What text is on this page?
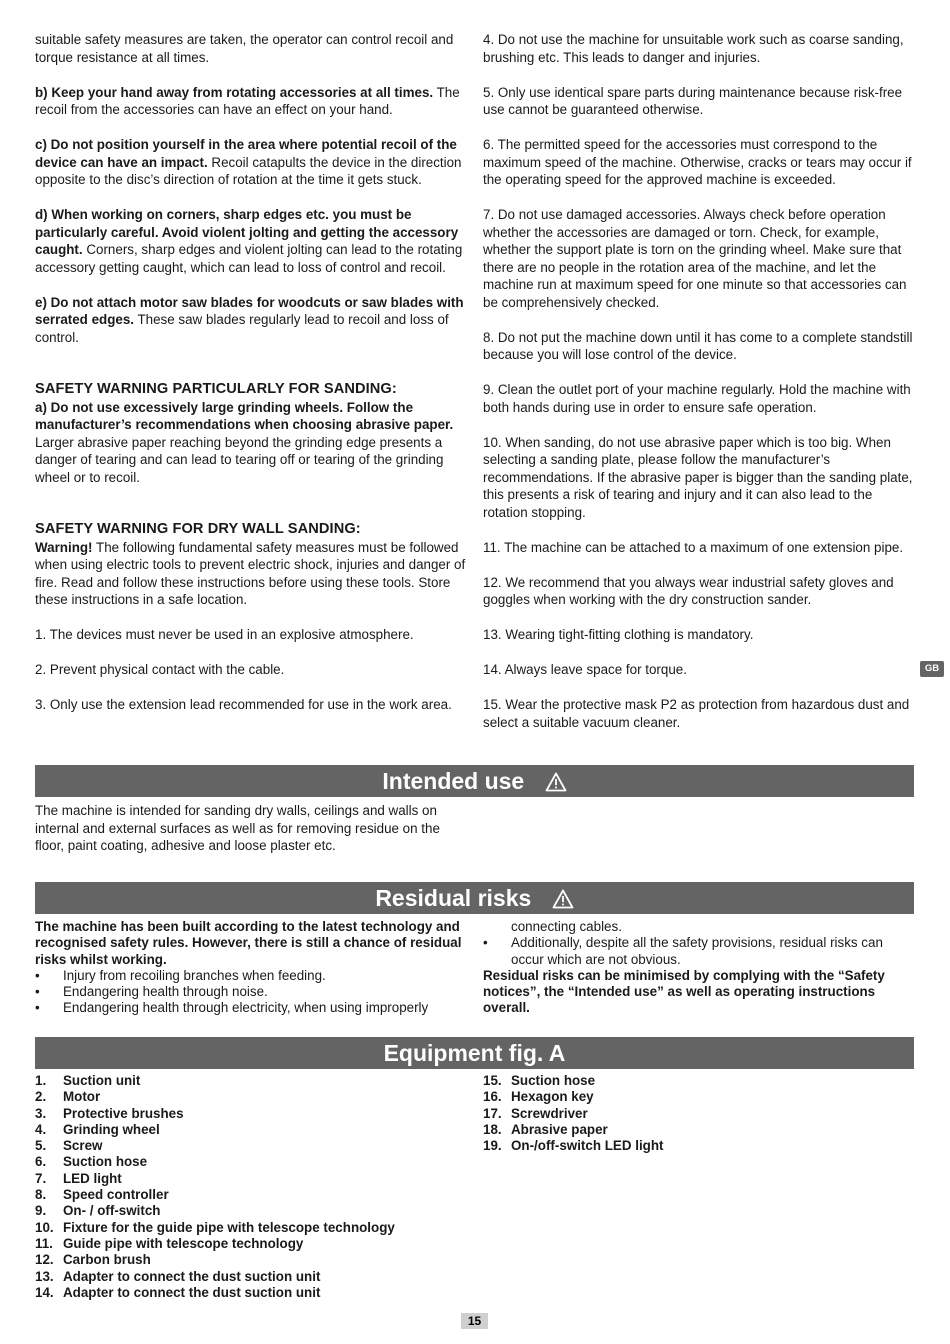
suitable safety measures are taken, the operator can control recoil and torque resistance at all times.

b) Keep your hand away from rotating accessories at all times. The recoil from the accessories can have an effect on your hand.

c) Do not position yourself in the area where potential recoil of the device can have an impact. Recoil catapults the device in the direction opposite to the disc’s direction of rotation at the time it gets stuck.

d) When working on corners, sharp edges etc. you must be particularly careful. Avoid violent jolting and getting the accessory caught. Corners, sharp edges and violent jolting can lead to the rotating accessory getting caught, which can lead to loss of control and recoil.

e) Do not attach motor saw blades for woodcuts or saw blades with serrated edges. These saw blades regularly lead to recoil and loss of control.

SAFETY WARNING PARTICULARLY FOR SANDING:

a) Do not use excessively large grinding wheels. Follow the manufacturer’s recommendations when choosing abrasive paper. Larger abrasive paper reaching beyond the grinding edge presents a danger of tearing and can lead to tearing off or tearing of the grinding wheel or to recoil.

SAFETY WARNING FOR DRY WALL SANDING:

Warning! The following fundamental safety measures must be followed when using electric tools to prevent electric shock, injuries and danger of fire. Read and follow these instructions before using these tools. Store these instructions in a safe location.

1. The devices must never be used in an explosive atmosphere.

2. Prevent physical contact with the cable.

3. Only use the extension lead recommended for use in the work area.

4. Do not use the machine for unsuitable work such as coarse sanding, brushing etc. This leads to danger and injuries.

5. Only use identical spare parts during maintenance because risk-free use cannot be guaranteed otherwise.

6. The permitted speed for the accessories must correspond to the maximum speed of the machine. Otherwise, cracks or tears may occur if the operating speed for the approved machine is exceeded.

7. Do not use damaged accessories. Always check before operation whether the accessories are damaged or torn. Check, for example, whether the support plate is torn on the grinding wheel. Make sure that there are no people in the rotation area of the machine, and let the machine run at maximum speed for one minute so that accessories can be comprehensively checked.

8. Do not put the machine down until it has come to a complete standstill because you will lose control of the device.

9. Clean the outlet port of your machine regularly. Hold the machine with both hands during use in order to ensure safe operation.

10. When sanding, do not use abrasive paper which is too big. When selecting a sanding plate, please follow the manufacturer’s recommendations. If the abrasive paper is bigger than the sanding plate, this presents a risk of tearing and injury and it can also lead to the rotation stopping.

11. The machine can be attached to a maximum of one extension pipe.

12. We recommend that you always wear industrial safety gloves and goggles when working with the dry construction sander.

13. Wearing tight-fitting clothing is mandatory.

14. Always leave space for torque.

15. Wear the protective mask P2 as protection from hazardous dust and select a suitable vacuum cleaner.

GB
Intended use
The machine is intended for sanding dry walls, ceilings and walls on internal and external surfaces as well as for removing residue on the floor, paint coating, adhesive and loose plaster etc.
Residual risks
The machine has been built according to the latest technology and recognised safety rules. However, there is still a chance of residual risks whilst working.
• Injury from recoiling branches when feeding.
• Endangering health through noise.
• Endangering health through electricity, when using improperly
connecting cables.
• Additionally, despite all the safety provisions, residual risks can occur which are not obvious.
Residual risks can be minimised by complying with the “Safety notices”, the “Intended use” as well as operating instructions overall.
Equipment fig. A
1.	Suction unit
2.	Motor
3.	Protective brushes
4.	Grinding wheel
5.	Screw
6.	Suction hose
7.	LED light
8.	Speed controller
9.	On- / off-switch
10. Fixture for the guide pipe with telescope technology
11. Guide pipe with telescope technology
12. Carbon brush
13. Adapter to connect the dust suction unit
14. Adapter to connect the dust suction unit
15. Suction hose
16. Hexagon key
17. Screwdriver
18. Abrasive paper
19. On-/off-switch LED light
15
